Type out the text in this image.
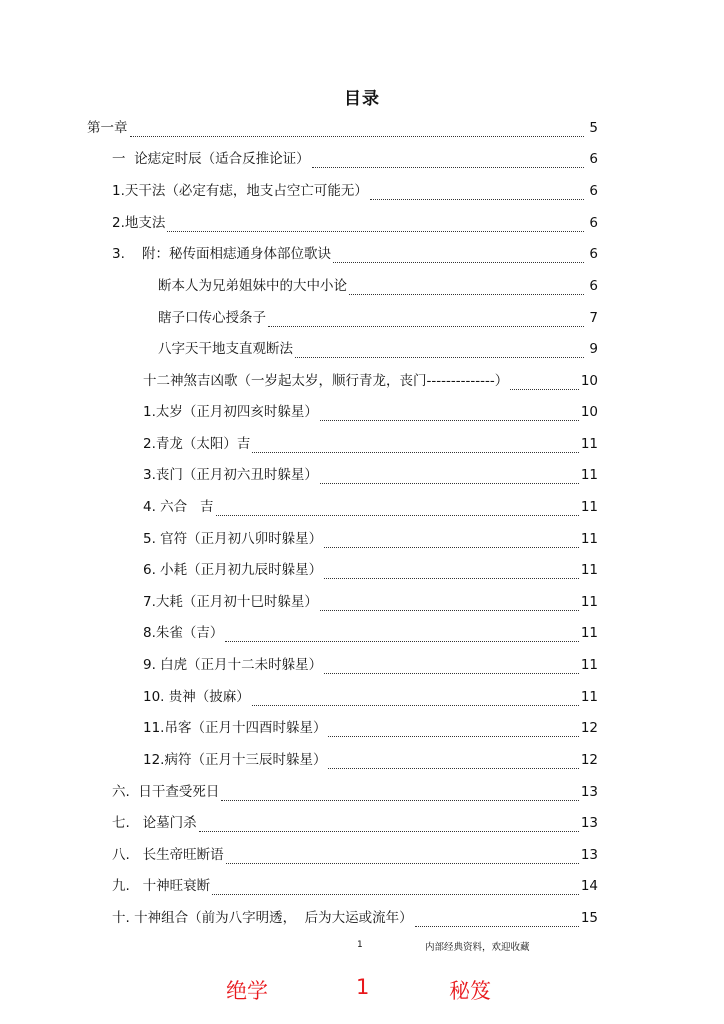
目录
第一章	5
一  论痣定时辰（适合反推论证）	6
1.天干法（必定有痣，地支占空亡可能无）	6
2.地支法	6
3.    附：秘传面相痣通身体部位歌诀	6
断本人为兄弟姐妹中的大中小论	6
瞎子口传心授条子	7
八字天干地支直观断法	9
十二神煞吉凶歌（一岁起太岁，顺行青龙，丧门--------------）	10
1.太岁（正月初四亥时躲星）	10
2.青龙（太阳）吉	11
3.丧门（正月初六丑时躲星）	11
4. 六合   吉	11
5. 官符（正月初八卯时躲星）	11
6. 小耗（正月初九辰时躲星）	11
7.大耗（正月初十巳时躲星）	11
8.朱雀（吉）	11
9. 白虎（正月十二未时躲星）	11
10. 贵神（披麻）	11
11.吊客（正月十四酉时躲星）	12
12.病符（正月十三辰时躲星）	12
六.  日干查受死日	13
七.   论墓门杀	13
八.   长生帝旺断语	13
九.   十神旺衰断	14
十. 十神组合（前为八字明透，  后为大运或流年）	15
1	内部经典资料，欢迎收藏
绝学	1	秘笈
